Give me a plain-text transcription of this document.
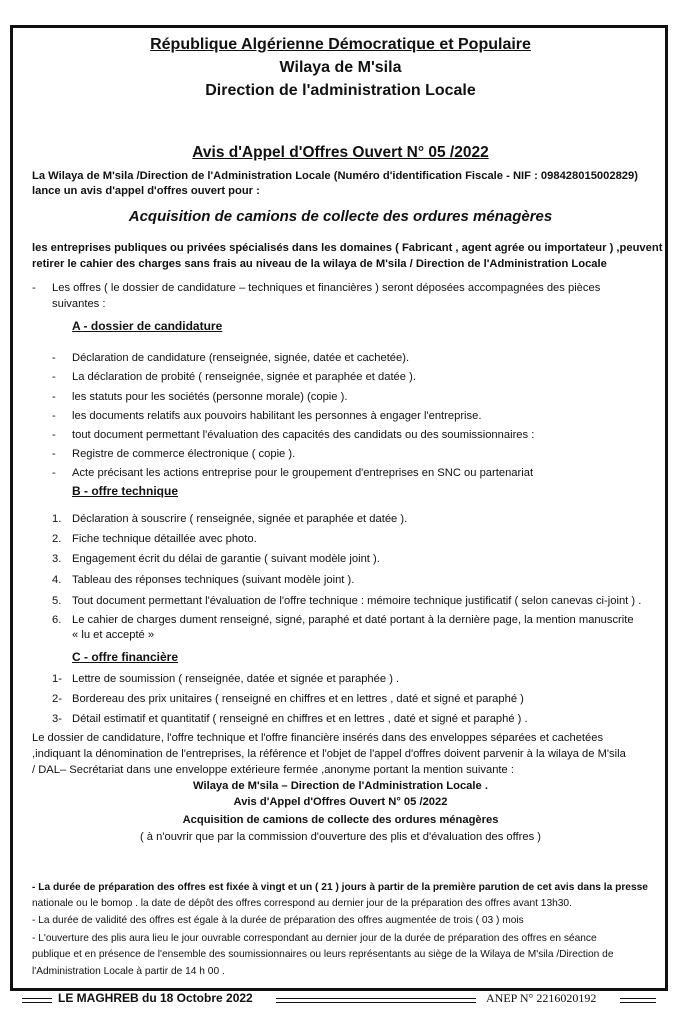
République Algérienne Démocratique et Populaire
Wilaya de M'sila
Direction de l'administration Locale
Avis d'Appel d'Offres Ouvert N° 05 /2022
La Wilaya de M'sila /Direction de l'Administration Locale (Numéro d'identification Fiscale - NIF : 098428015002829)
lance un avis d'appel d'offres ouvert pour :
Acquisition de camions de collecte des ordures ménagères
les entreprises publiques ou privées spécialisés dans les domaines ( Fabricant , agent agrée ou importateur ) ,peuvent
retirer le cahier des charges sans frais au niveau de la wilaya de M'sila / Direction de l'Administration Locale
- Les offres ( le dossier de candidature – techniques et financières ) seront déposées accompagnées des pièces
suivantes :
A - dossier de candidature
- Déclaration de candidature (renseignée, signée, datée et cachetée).
- La déclaration de probité ( renseignée, signée et paraphée et datée ).
- les statuts pour les sociétés (personne morale) (copie ).
- les documents relatifs aux pouvoirs habilitant les personnes à engager l'entreprise.
- tout document permettant l'évaluation des capacités des candidats ou des soumissionnaires :
- Registre de commerce électronique ( copie ).
- Acte précisant les actions entreprise pour le groupement d'entreprises en SNC ou partenariat
B - offre technique
1. Déclaration à souscrire ( renseignée, signée et paraphée et datée ).
2. Fiche technique détaillée avec photo.
3. Engagement écrit du délai de garantie ( suivant modèle joint ).
4. Tableau des réponses techniques (suivant modèle joint ).
5. Tout document permettant l'évaluation de l'offre technique : mémoire technique justificatif ( selon canevas ci-joint ) .
6. Le cahier de charges dument renseigné, signé, paraphé et daté portant à la dernière page, la mention manuscrite
« lu et accepté »
C - offre financière
1- Lettre de soumission ( renseignée, datée et signée et paraphée ) .
2- Bordereau des prix unitaires ( renseigné en chiffres et en lettres , daté et signé et paraphé )
3- Détail estimatif et quantitatif ( renseigné en chiffres et en lettres , daté et signé et paraphé ) .
Le dossier de candidature, l'offre technique et l'offre financière insérés dans des enveloppes séparées et cachetées
,indiquant la dénomination de l'entreprises, la référence et l'objet de l'appel d'offres doivent parvenir à la wilaya de M'sila
/ DAL– Secrétariat dans une enveloppe extérieure fermée ,anonyme portant la mention suivante :
Wilaya de M'sila – Direction de l'Administration Locale .
Avis d'Appel d'Offres Ouvert N° 05 /2022
Acquisition de camions de collecte des ordures ménagères
( à n'ouvrir que par la commission d'ouverture des plis et d'évaluation des offres )
- La durée de préparation des offres est fixée à vingt et un ( 21 ) jours à partir de la première parution de cet avis dans la presse
nationale ou le bomop . la date de dépôt des offres correspond au dernier jour de la préparation des offres avant 13h30.
- La durée de validité des offres est égale à la durée de préparation des offres augmentée de trois ( 03 ) mois
- L'ouverture des plis aura lieu le jour ouvrable correspondant au dernier jour de la durée de préparation des offres en séance
publique et en présence de l'ensemble des soumissionnaires ou leurs représentants au siège de la Wilaya de M'sila /Direction de
l'Administration Locale à partir de 14 h 00 .
LE MAGHREB du 18 Octobre 2022	ANEP N° 2216020192
